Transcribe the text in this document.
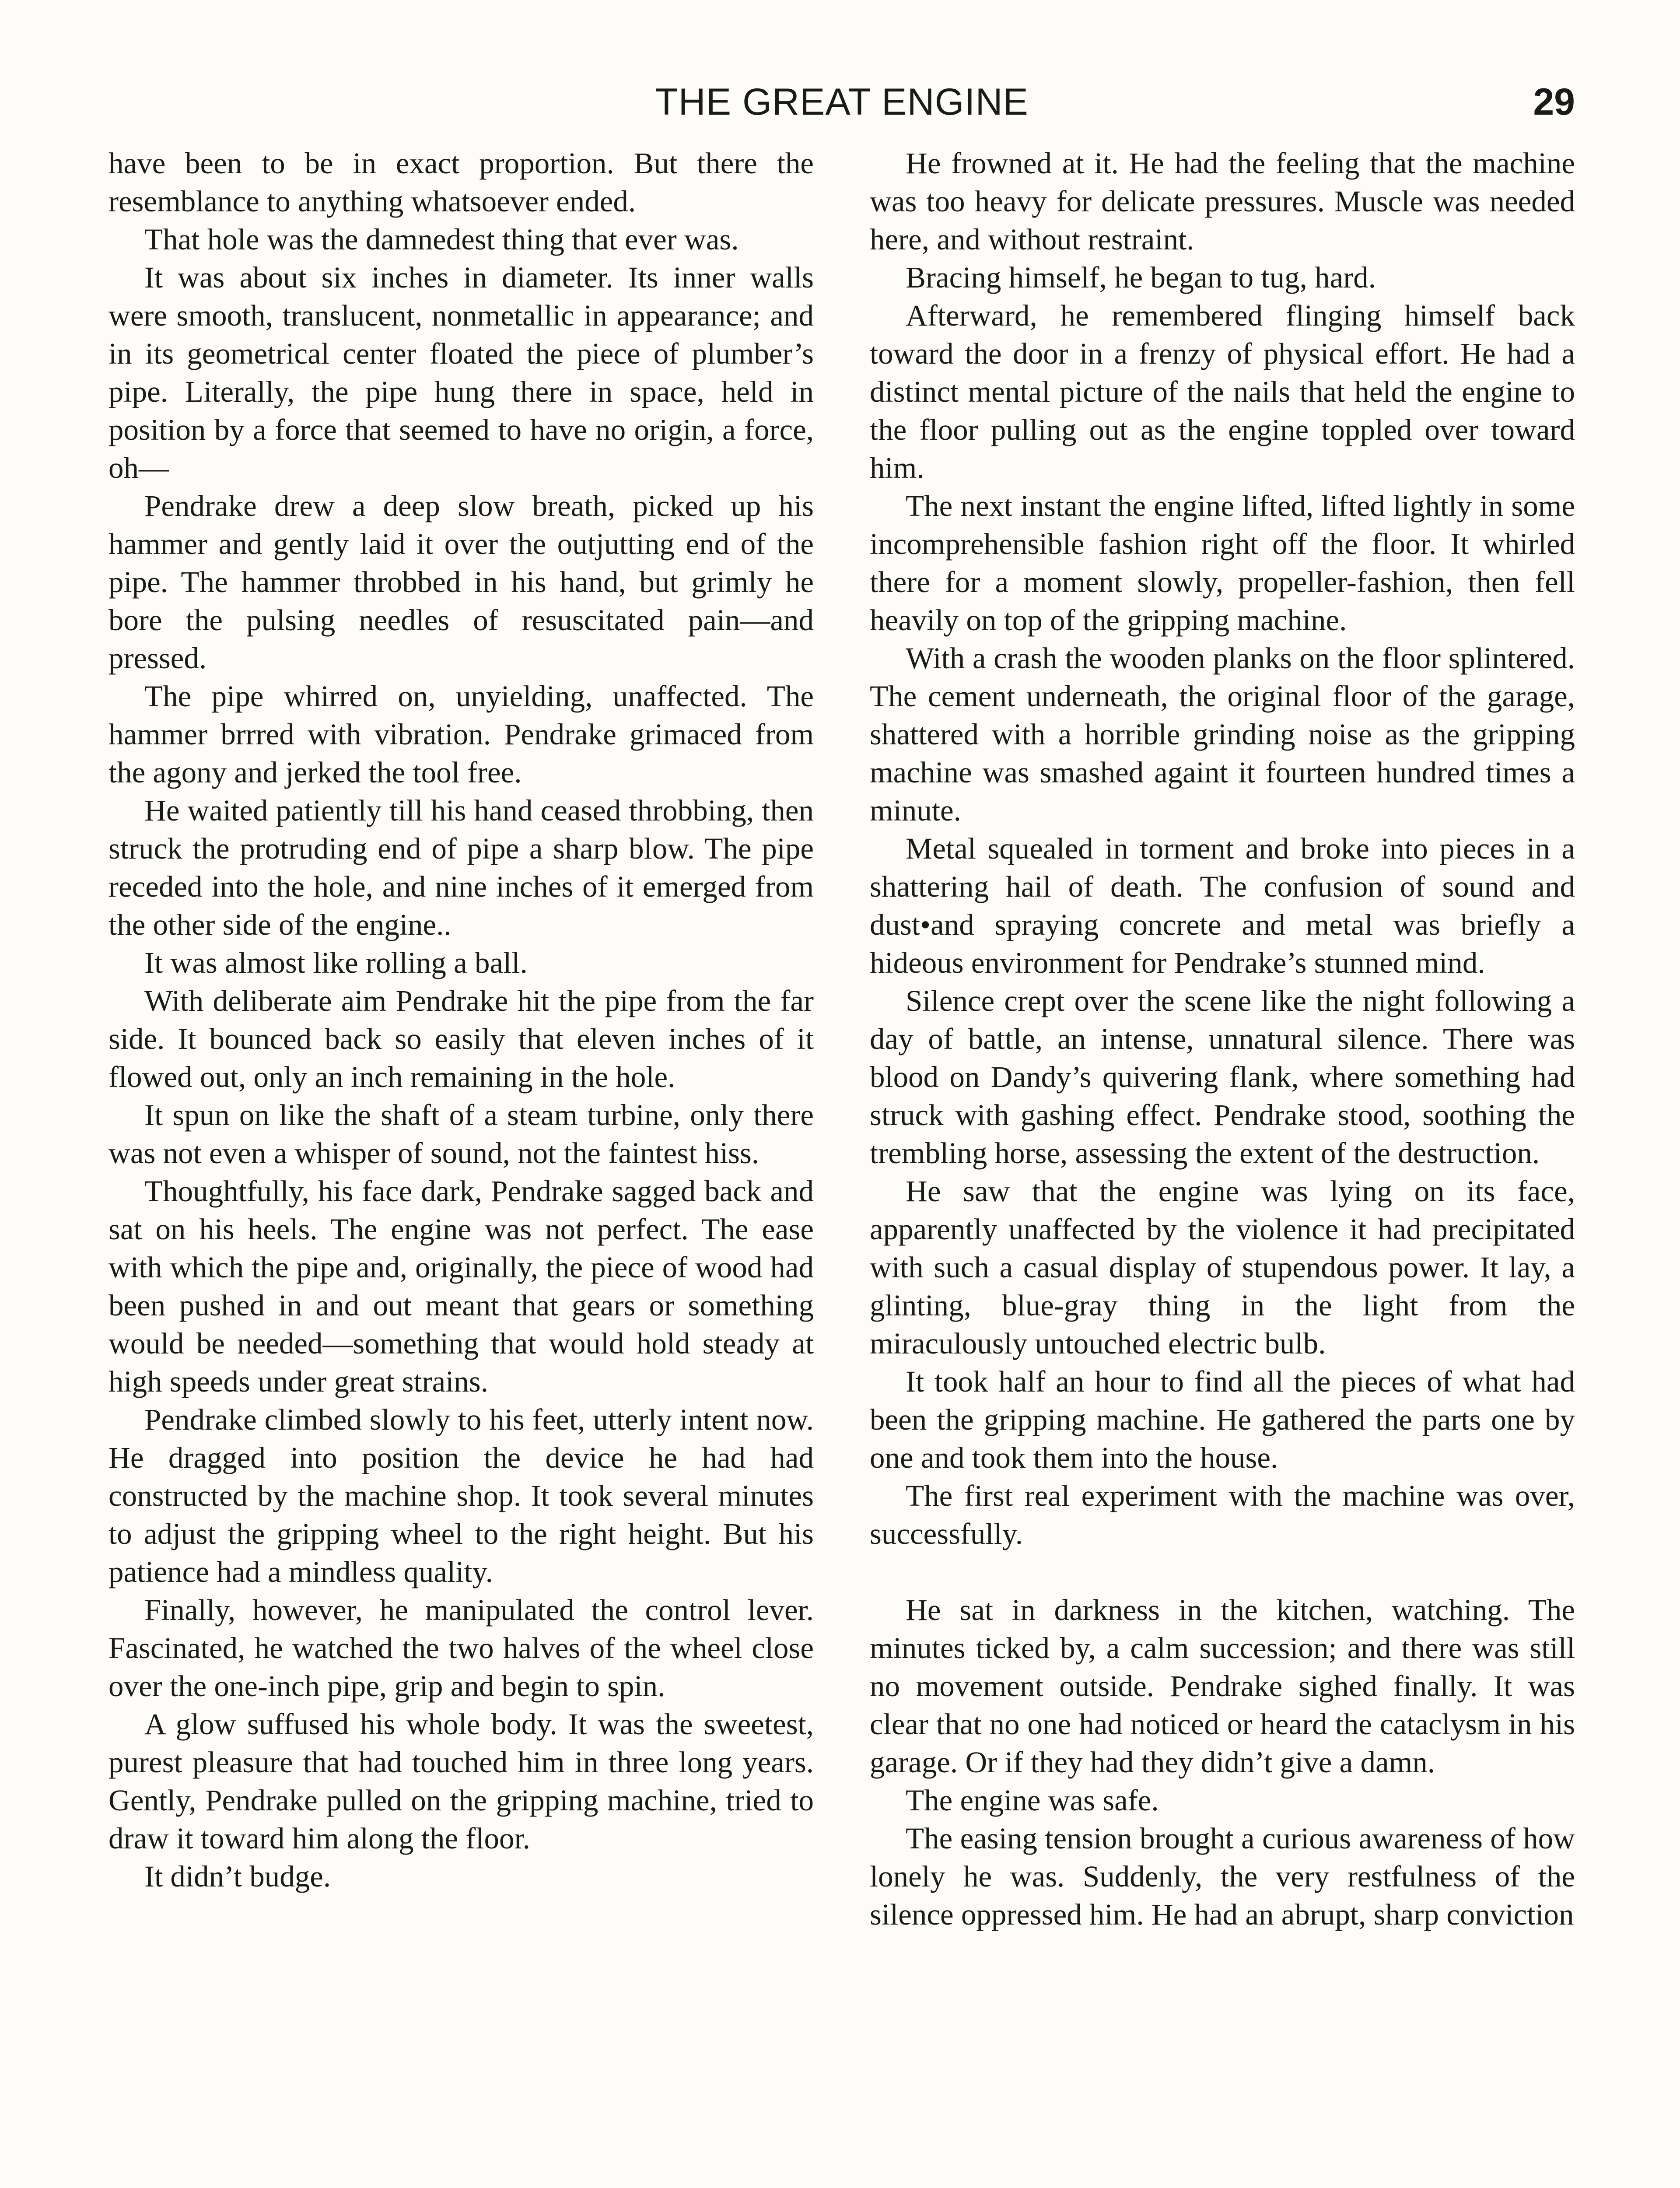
THE GREAT ENGINE	29

have been to be in exact proportion. But there the resemblance to anything whatsoever ended.

That hole was the damnedest thing that ever was.

It was about six inches in diameter. Its inner walls were smooth, translucent, nonmetallic in appearance; and in its geometrical center floated the piece of plumber’s pipe. Literally, the pipe hung there in space, held in position by a force that seemed to have no origin, a force, oh—

Pendrake drew a deep slow breath, picked up his hammer and gently laid it over the outjutting end of the pipe. The hammer throbbed in his hand, but grimly he bore the pulsing needles of resuscitated pain—and pressed.

The pipe whirred on, unyielding, unaffected. The hammer brrred with vibration. Pendrake grimaced from the agony and jerked the tool free.

He waited patiently till his hand ceased throbbing, then struck the protruding end of pipe a sharp blow. The pipe receded into the hole, and nine inches of it emerged from the other side of the engine..

It was almost like rolling a ball.

With deliberate aim Pendrake hit the pipe from the far side. It bounced back so easily that eleven inches of it flowed out, only an inch remaining in the hole.

It spun on like the shaft of a steam turbine, only there was not even a whisper of sound, not the faintest hiss.

Thoughtfully, his face dark, Pendrake sagged back and sat on his heels. The engine was not perfect. The ease with which the pipe and, originally, the piece of wood had been pushed in and out meant that gears or something would be needed—something that would hold steady at high speeds under great strains.

Pendrake climbed slowly to his feet, utterly intent now. He dragged into position the device he had had constructed by the machine shop. It took several minutes to adjust the gripping wheel to the right height. But his patience had a mindless quality.

Finally, however, he manipulated the control lever. Fascinated, he watched the two halves of the wheel close over the one-inch pipe, grip and begin to spin.

A glow suffused his whole body. It was the sweetest, purest pleasure that had touched him in three long years. Gently, Pendrake pulled on the gripping machine, tried to draw it toward him along the floor.

It didn’t budge.

He frowned at it. He had the feeling that the machine was too heavy for delicate pressures. Muscle was needed here, and without restraint.

Bracing himself, he began to tug, hard.

Afterward, he remembered flinging himself back toward the door in a frenzy of physical effort. He had a distinct mental picture of the nails that held the engine to the floor pulling out as the engine toppled over toward him.

The next instant the engine lifted, lifted lightly in some incomprehensible fashion right off the floor. It whirled there for a moment slowly, propeller-fashion, then fell heavily on top of the gripping machine.

With a crash the wooden planks on the floor splintered. The cement underneath, the original floor of the garage, shattered with a horrible grinding noise as the gripping machine was smashed againt it fourteen hundred times a minute.

Metal squealed in torment and broke into pieces in a shattering hail of death. The confusion of sound and dust•and spraying concrete and metal was briefly a hideous environment for Pendrake’s stunned mind.

Silence crept over the scene like the night following a day of battle, an intense, unnatural silence. There was blood on Dandy’s quivering flank, where something had struck with gashing effect. Pendrake stood, soothing the trembling horse, assessing the extent of the destruction.

He saw that the engine was lying on its face, apparently unaffected by the violence it had precipitated with such a casual display of stupendous power. It lay, a glinting, blue-gray thing in the light from the miraculously untouched electric bulb.

It took half an hour to find all the pieces of what had been the gripping machine. He gathered the parts one by one and took them into the house.

The first real experiment with the machine was over, successfully.

He sat in darkness in the kitchen, watching. The minutes ticked by, a calm succession; and there was still no movement outside. Pendrake sighed finally. It was clear that no one had noticed or heard the cataclysm in his garage. Or if they had they didn’t give a damn.

The engine was safe.

The easing tension brought a curious awareness of how lonely he was. Suddenly, the very restfulness of the silence oppressed him. He had an abrupt, sharp conviction
